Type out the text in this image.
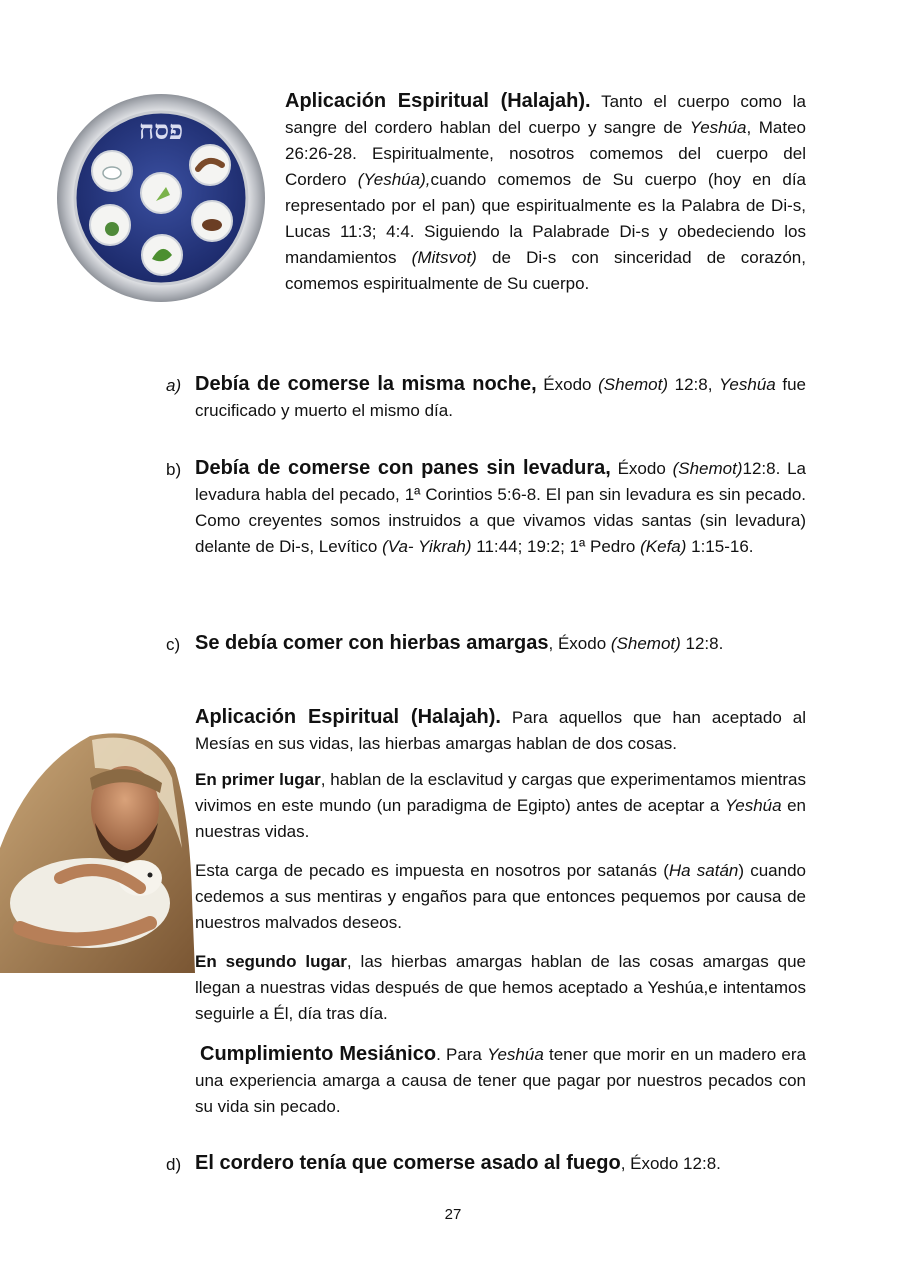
פסח

Aplicación Espiritual (Halajah). Tanto el cuerpo como la sangre del cordero hablan del cuerpo y sangre de Yeshúa, Mateo 26:26-28. Espiritualmente, nosotros comemos del cuerpo del Cordero (Yeshúa),cuando comemos de Su cuerpo (hoy en día representado por el pan) que espiritualmente es la Palabra de Di-s, Lucas 11:3; 4:4. Siguiendo la Palabrade Di-s y obedeciendo los mandamientos (Mitsvot) de Di-s con sinceridad de corazón, comemos espiritualmente de Su cuerpo.

a) Debía de comerse la misma noche, Éxodo (Shemot) 12:8, Yeshúa fue crucificado y muerto el mismo día.

b) Debía de comerse con panes sin levadura, Éxodo (Shemot)12:8. La levadura habla del pecado, 1ª Corintios 5:6-8. El pan sin levadura es sin pecado. Como creyentes somos instruidos a que vivamos vidas santas (sin levadura) delante de Di-s, Levítico (Va- Yikrah) 11:44; 19:2; 1ª Pedro (Kefa) 1:15-16.

c) Se debía comer con hierbas amargas, Éxodo (Shemot) 12:8.

Aplicación Espiritual (Halajah). Para aquellos que han aceptado al Mesías en sus vidas, las hierbas amargas hablan de dos cosas.

En primer lugar, hablan de la esclavitud y cargas que experimentamos mientras vivimos en este mundo (un paradigma de Egipto) antes de aceptar a Yeshúa en nuestras vidas.

Esta carga de pecado es impuesta en nosotros por satanás (Ha satán) cuando cedemos a sus mentiras y engaños para que entonces pequemos por causa de nuestros malvados deseos.

En segundo lugar, las hierbas amargas hablan de las cosas amargas que llegan a nuestras vidas después de que hemos aceptado a Yeshúa,e intentamos seguirle a Él, día tras día.

Cumplimiento Mesiánico. Para Yeshúa tener que morir en un madero era una experiencia amarga a causa de tener que pagar por nuestros pecados con su vida sin pecado.

d) El cordero tenía que comerse asado al fuego, Éxodo 12:8.

27
